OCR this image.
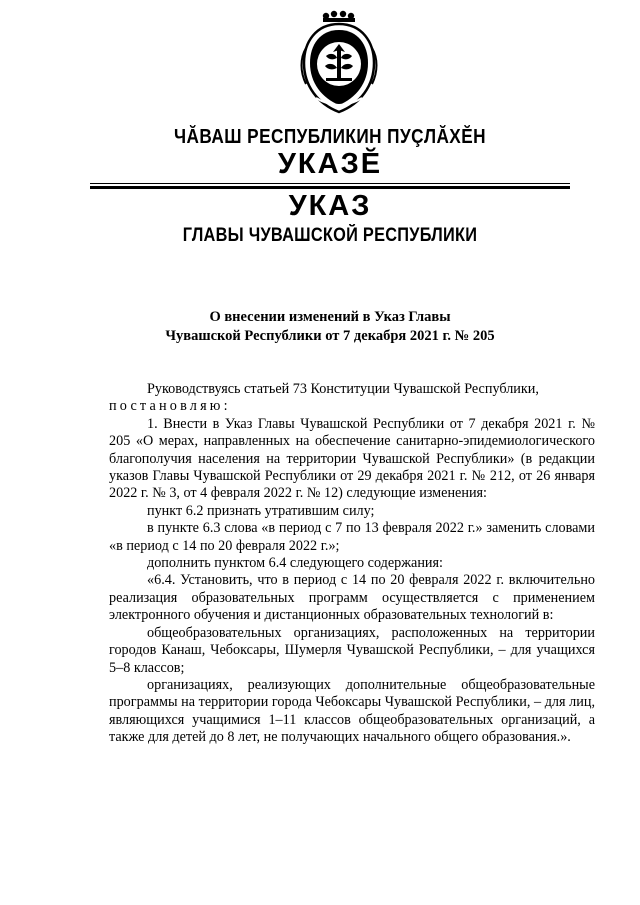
ЧĂВАШ РЕСПУБЛИКИН ПУÇЛĂХĔН
УКАЗĔ
УКАЗ
ГЛАВЫ ЧУВАШСКОЙ РЕСПУБЛИКИ
О внесении изменений в Указ Главы
Чувашской Республики от 7 декабря 2021 г. № 205

Руководствуясь статьей 73 Конституции Чувашской Республики,

постановляю:

1. Внести в Указ Главы Чувашской Республики от 7 декабря 2021 г. № 205 «О мерах, направленных на обеспечение санитарно-эпидемиологического благополучия населения на территории Чувашской Республики» (в редакции указов Главы Чувашской Республики от 29 декабря 2021 г. № 212, от 26 января 2022 г. № 3, от 4 февраля 2022 г. № 12) следующие изменения:

пункт 6.2 признать утратившим силу;

в пункте 6.3 слова «в период с 7 по 13 февраля 2022 г.» заменить словами «в период с 14 по 20 февраля 2022 г.»;

дополнить пунктом 6.4 следующего содержания:

«6.4. Установить, что в период с 14 по 20 февраля 2022 г. включительно реализация образовательных программ осуществляется с применением электронного обучения и дистанционных образовательных технологий в:

общеобразовательных организациях, расположенных на территории городов Канаш, Чебоксары, Шумерля Чувашской Республики, – для учащихся 5–8 классов;

организациях, реализующих дополнительные общеобразовательные программы на территории города Чебоксары Чувашской Республики, – для лиц, являющихся учащимися 1–11 классов общеобразовательных организаций, а также для детей до 8 лет, не получающих начального общего образования.».
